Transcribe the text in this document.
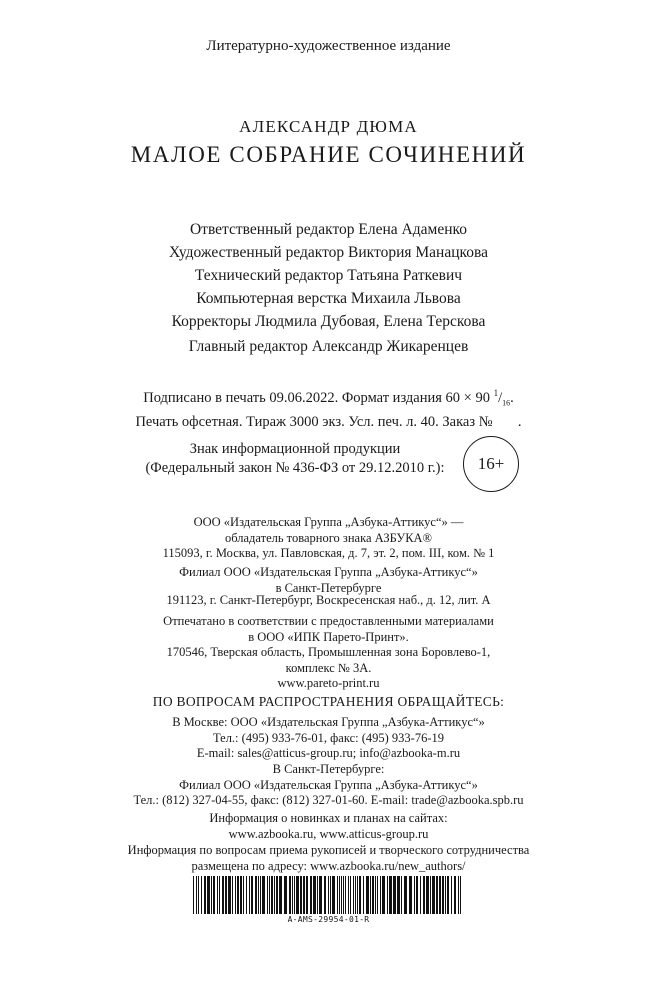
Литературно-художественное издание
АЛЕКСАНДР ДЮМА
МАЛОЕ СОБРАНИЕ СОЧИНЕНИЙ
Ответственный редактор Елена Адаменко
Художественный редактор Виктория Манацкова
Технический редактор Татьяна Раткевич
Компьютерная верстка Михаила Львова
Корректоры Людмила Дубовая, Елена Терскова
Главный редактор Александр Жикаренцев
Подписано в печать 09.06.2022. Формат издания 60 × 90 $^1/_{16}$.
Печать офсетная. Тираж 3000 экз. Усл. печ. л. 40. Заказ №       .
Знак информационной продукции
(Федеральный закон № 436-ФЗ от 29.12.2010 г.):	16+
ООО «Издательская Группа „Азбука-Аттикус“» —
обладатель товарного знака АЗБУКА®
115093, г. Москва, ул. Павловская, д. 7, эт. 2, пом. III, ком. № 1
Филиал ООО «Издательская Группа „Азбука-Аттикус“»
в Санкт-Петербурге
191123, г. Санкт-Петербург, Воскресенская наб., д. 12, лит. А
Отпечатано в соответствии с предоставленными материалами
в ООО «ИПК Парето-Принт».
170546, Тверская область, Промышленная зона Боровлево-1,
комплекс № 3А.
www.pareto-print.ru
ПО ВОПРОСАМ РАСПРОСТРАНЕНИЯ ОБРАЩАЙТЕСЬ:
В Москве: ООО «Издательская Группа „Азбука-Аттикус“»
Тел.: (495) 933-76-01, факс: (495) 933-76-19
E-mail: sales@atticus-group.ru; info@azbooka-m.ru
В Санкт-Петербурге:
Филиал ООО «Издательская Группа „Азбука-Аттикус“»
Тел.: (812) 327-04-55, факс: (812) 327-01-60. E-mail: trade@azbooka.spb.ru
Информация о новинках и планах на сайтах:
www.azbooka.ru, www.atticus-group.ru
Информация по вопросам приема рукописей и творческого сотрудничества
размещена по адресу: www.azbooka.ru/new_authors/
A-AMS-29954-01-R
